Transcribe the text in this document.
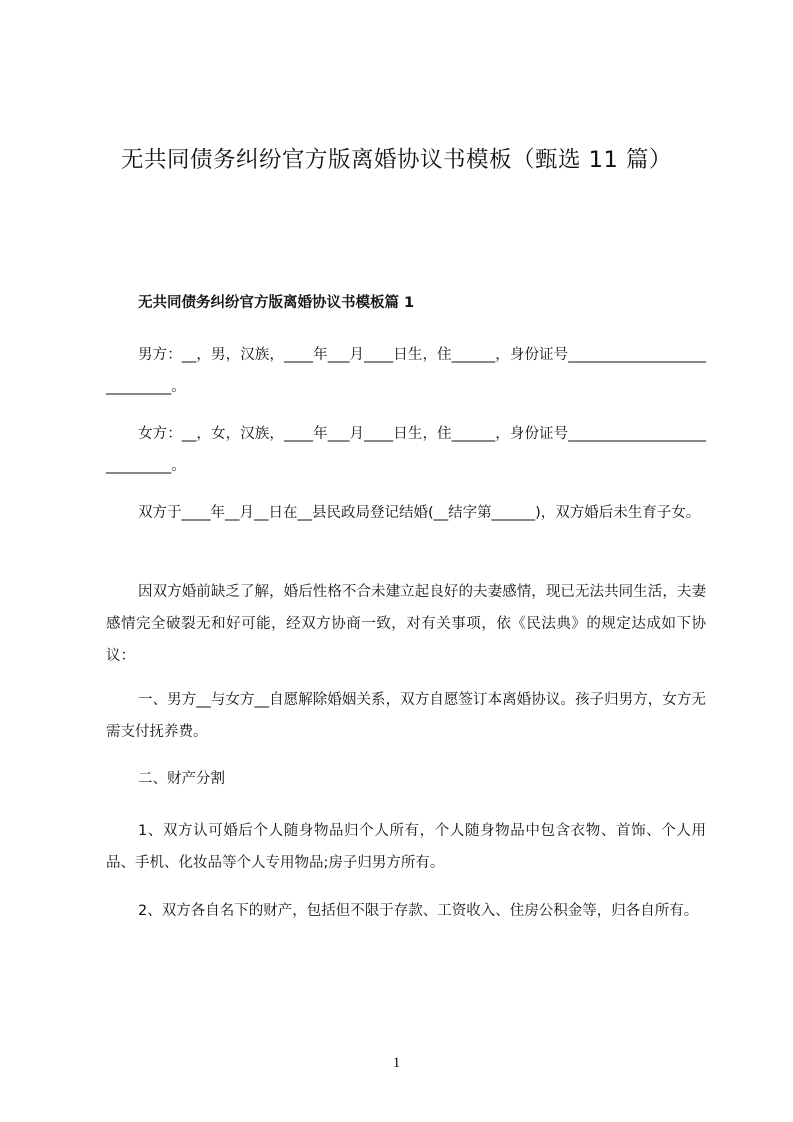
无共同债务纠纷官方版离婚协议书模板（甄选 11 篇）
无共同债务纠纷官方版离婚协议书模板篇 1

男方：__，男，汉族，____年___月____日生，住______，身份证号____________________________。

女方：__，女，汉族，____年___月____日生，住______，身份证号____________________________。

双方于____年__月__日在__县民政局登记结婚(__结字第______)，双方婚后未生育子女。

因双方婚前缺乏了解，婚后性格不合未建立起良好的夫妻感情，现已无法共同生活，夫妻感情完全破裂无和好可能，经双方协商一致，对有关事项，依《民法典》的规定达成如下协议：

一、男方__与女方__自愿解除婚姻关系，双方自愿签订本离婚协议。孩子归男方，女方无需支付抚养费。

二、财产分割

1、双方认可婚后个人随身物品归个人所有，个人随身物品中包含衣物、首饰、个人用品、手机、化妆品等个人专用物品;房子归男方所有。

2、双方各自名下的财产，包括但不限于存款、工资收入、住房公积金等，归各自所有。

1
